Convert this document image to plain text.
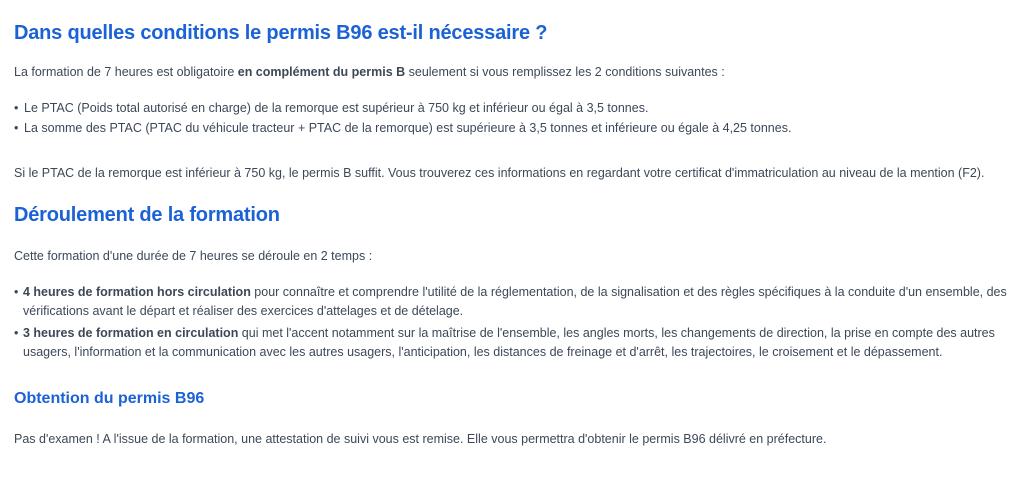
Dans quelles conditions le permis B96 est-il nécessaire ?

La formation de 7 heures est obligatoire en complément du permis B seulement si vous remplissez les 2 conditions suivantes :

• Le PTAC (Poids total autorisé en charge) de la remorque est supérieur à 750 kg et inférieur ou égal à 3,5 tonnes.
• La somme des PTAC (PTAC du véhicule tracteur + PTAC de la remorque) est supérieure à 3,5 tonnes et inférieure ou égale à 4,25 tonnes.

Si le PTAC de la remorque est inférieur à 750 kg, le permis B suffit. Vous trouverez ces informations en regardant votre certificat d'immatriculation au niveau de la mention (F2).

Déroulement de la formation

Cette formation d'une durée de 7 heures se déroule en 2 temps :

• 4 heures de formation hors circulation pour connaître et comprendre l'utilité de la réglementation, de la signalisation et des règles spécifiques à la conduite d'un ensemble, des vérifications avant le départ et réaliser des exercices d'attelages et de dételage.
• 3 heures de formation en circulation qui met l'accent notamment sur la maîtrise de l'ensemble, les angles morts, les changements de direction, la prise en compte des autres usagers, l'information et la communication avec les autres usagers, l'anticipation, les distances de freinage et d'arrêt, les trajectoires, le croisement et le dépassement.
Obtention du permis B96

Pas d'examen ! A l'issue de la formation, une attestation de suivi vous est remise. Elle vous permettra d'obtenir le permis B96 délivré en préfecture.
